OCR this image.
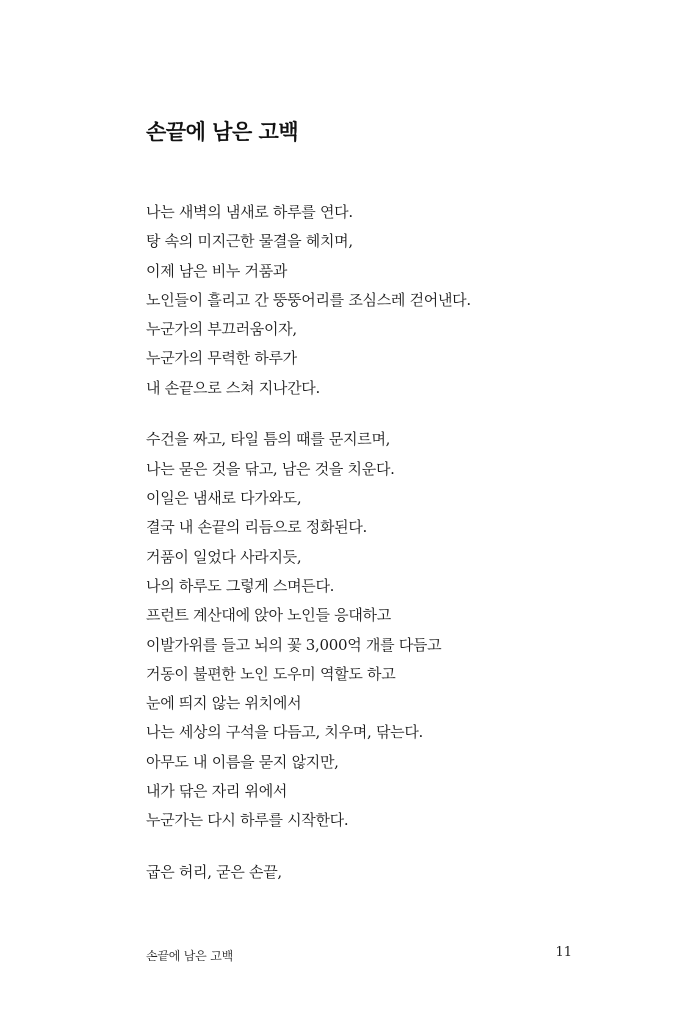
손끝에 남은 고백
나는 새벽의 냄새로 하루를 연다.
탕 속의 미지근한 물결을 헤치며,
이제 남은 비누 거품과
노인들이 흘리고 간 뚱뚱어리를 조심스레 걷어낸다.
누군가의 부끄러움이자,
누군가의 무력한 하루가
내 손끝으로 스쳐 지나간다.
수건을 짜고, 타일 틈의 때를 문지르며,
나는 묻은 것을 닦고, 남은 것을 치운다.
이일은 냄새로 다가와도,
결국 내 손끝의 리듬으로 정화된다.
거품이 일었다 사라지듯,
나의 하루도 그렇게 스며든다.
프런트 계산대에 앉아 노인들 응대하고
이발가위를 들고 뇌의 꽃 3,000억 개를 다듬고
거동이 불편한 노인 도우미 역할도 하고
눈에 띄지 않는 위치에서
나는 세상의 구석을 다듬고, 치우며, 닦는다.
아무도 내 이름을 묻지 않지만,
내가 닦은 자리 위에서
누군가는 다시 하루를 시작한다.
굽은 허리, 굳은 손끝,
손끝에 남은 고백	11
